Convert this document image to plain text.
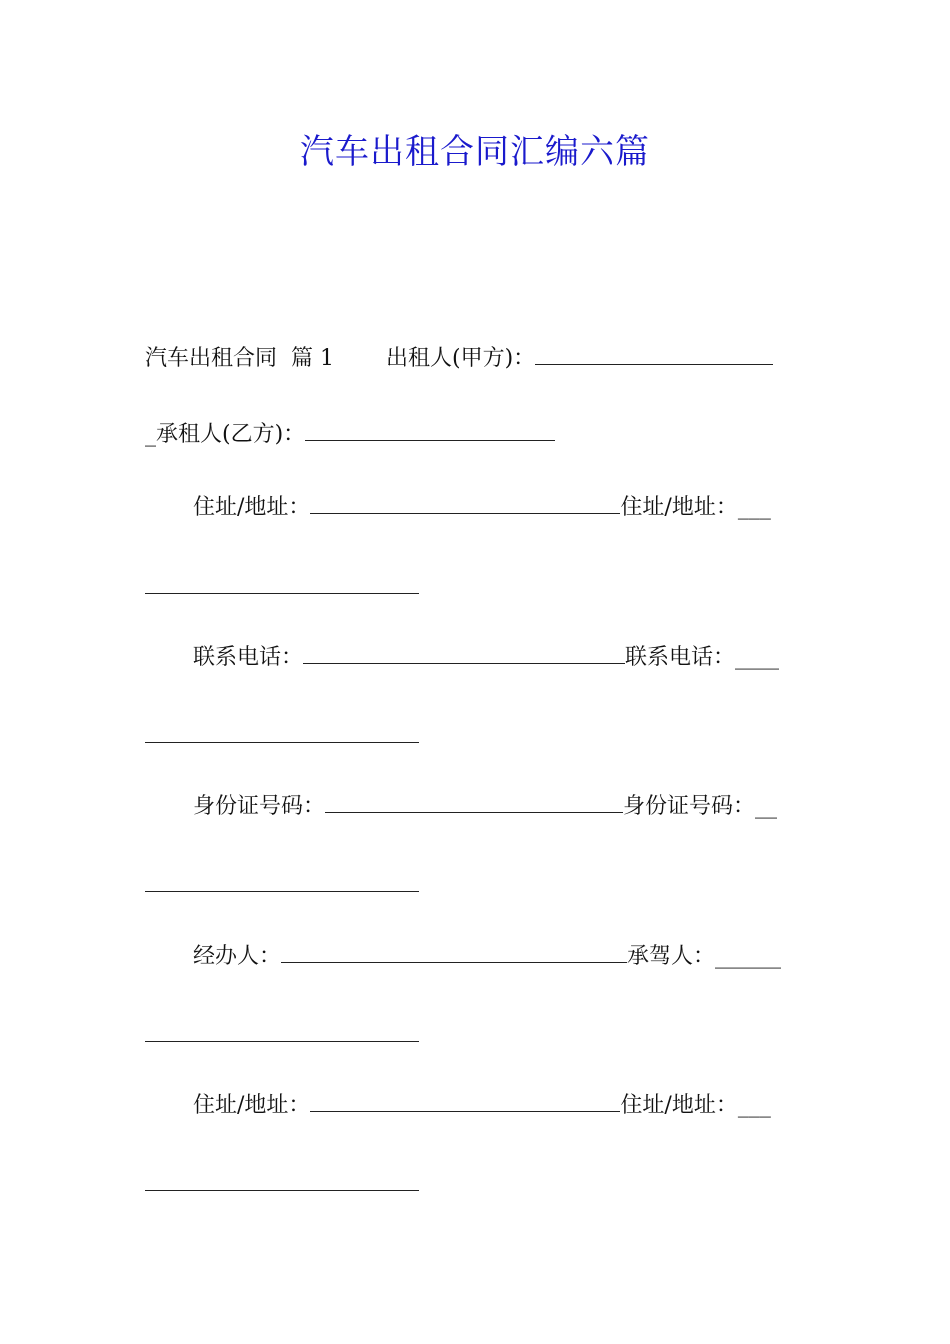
汽车出租合同汇编六篇
汽车出租合同 篇 1 出租人(甲方)：
_ 承租人(乙方)：
住址/地址：	住址/地址：___
联系电话：	联系电话：____
身份证号码：	身份证号码：__
经办人：	承驾人：______
住址/地址：	住址/地址：___
